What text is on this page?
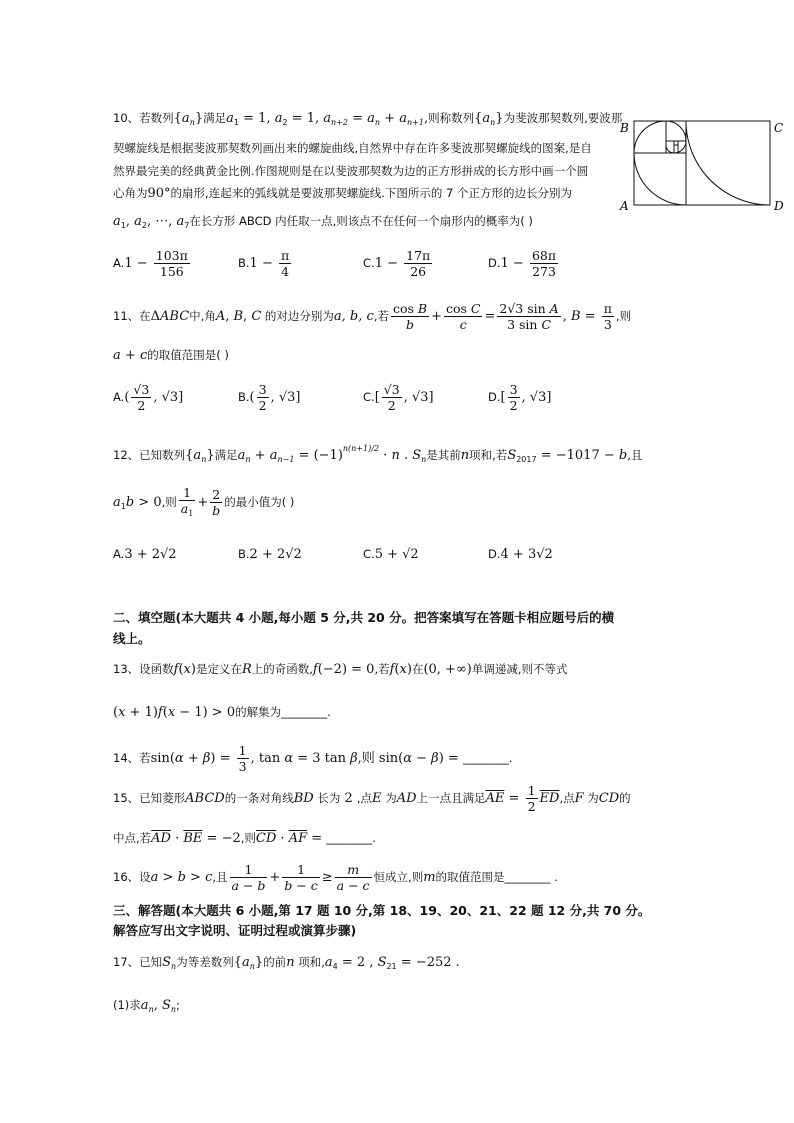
10、若数列$\{a_n\}$满足$a_1 = 1$, $a_2 = 1$, $a_{n+2} = a_n + a_{n+1}$,则称数列$\{a_n\}$为斐波那契数列,要波那
契螺旋线是根据斐波那契数列画出来的螺旋曲线,自然界中存在许多斐波那契螺旋线的图案,是自
然界最完美的经典黄金比例.作图规则是在以斐波那契数为边的正方形拼成的长方形中画一个圆
心角为90°的扇形,连起来的弧线就是要波那契螺旋线.下图所示的 7 个正方形的边长分别为
$a_1$, $a_2$, ⋯, $a_7$在长方形 ABCD 内任取一点,则该点不在任何一个扇形内的概率为( )
B	C
A	D
$A.1 - \frac{103\pi}{156}$	$B.1 - \frac{\pi}{4}$	$C.1 - \frac{17\pi}{26}$	$D.1 - \frac{68\pi}{273}$
11、在ΔABC中,角A, B, C 的对边分别为a, b, c,若 $\frac{\text{cos B}}{b} + \frac{\text{cos C}}{c} = \frac{\text{2√3 sin A}}{\text{3 sin C}}$ , $B = \frac{\pi}{3}$ ,则
a + c的取值范围是( )
$A.( \frac{√3}{2}$ , √3]	$B.( \frac{3}{2}$ , √3]	$C.[ \frac{√3}{2}$ , √3]	$D.[ \frac{3}{2}$ , √3]
12、已知数列$\{a_n\}$满足$a_n + a_{n-1} = (-1)^{n(n+1)/2} \cdot n$ . $S_n$是其前n项和,若$S_{2017} = -1017 - b$,且
$a_1b > 0$,则 $\frac{1}{a_1} + \frac{2}{b}$ 的最小值为( )
A.3 + 2√2	B.2 + 2√2	C.5 + √2	D.4 + 3√2
二、填空题(本大题共 4 小题,每小题 5 分,共 20 分。把答案填写在答题卡相应题号后的横
线上。
13、设函数f(x)是定义在R上的奇函数,f(−2) = 0,若f(x)在(0, +∞)单调递减,则不等式
(x + 1)f(x − 1) > 0的解集为________.
14、若$\sin(\alpha + \beta) = \frac{1}{3}$ , tan α = 3 tan β,则 sin(α − β) = ________.
15、已知菱形ABCD的一条对角线BD 长为 2 ,点E 为AD上一点且满足$\overline{AE} = \frac{1}{2} \overline{ED}$,点F 为CD的
中点,若$\overline{AD} \cdot \overline{BE} = -2$,则$\overline{CD} \cdot \overline{AF}$ = ________.
16、设a > b > c,且 $\frac{1}{a - b} + \frac{1}{b - c} \ge \frac{m}{a - c}$ 恒成立,则m的取值范围是________ .
三、解答题(本大题共 6 小题,第 17 题 10 分,第 18、19、20、21、22 题 12 分,共 70 分。
解答应写出文字说明、证明过程或演算步骤)
17、已知$S_n$为等差数列$\{a_n\}$的前n 项和$,a_4 = 2$ , $S_{21} = -252$ .
(1)求$a_n$, $S_n$;
